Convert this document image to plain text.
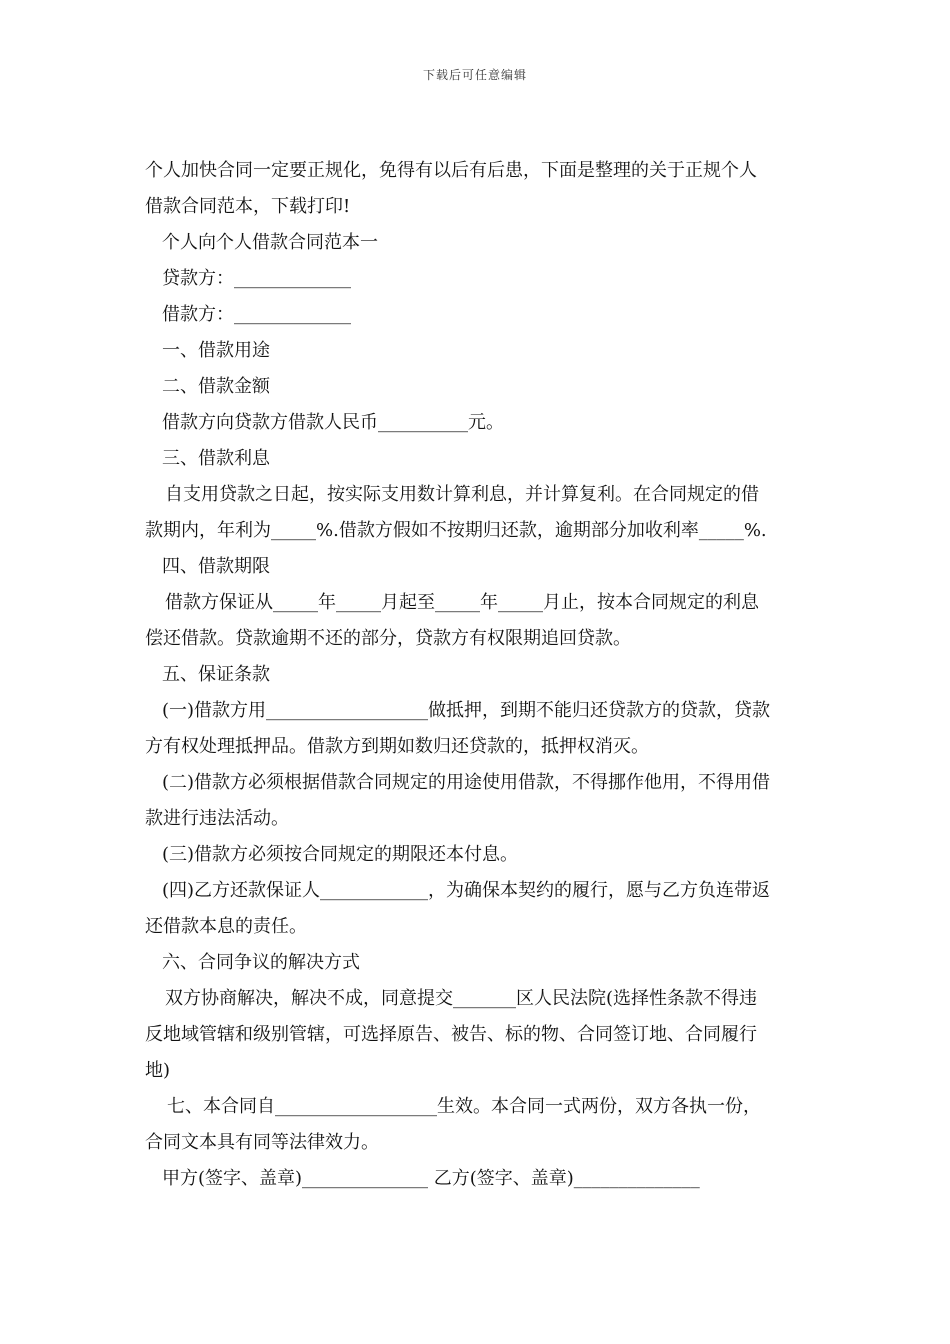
下载后可任意编辑
个人加快合同一定要正规化，免得有以后有后患，下面是整理的关于正规个人
借款合同范本，下载打印!
个人向个人借款合同范本一
贷款方：_____________
借款方：_____________
一、借款用途
二、借款金额
借款方向贷款方借款人民币__________元。
三、借款利息
自支用贷款之日起，按实际支用数计算利息，并计算复利。在合同规定的借
款期内，年利为_____%.借款方假如不按期归还款，逾期部分加收利率_____%.
四、借款期限
借款方保证从_____年_____月起至_____年_____月止，按本合同规定的利息
偿还借款。贷款逾期不还的部分，贷款方有权限期追回贷款。
五、保证条款
(一)借款方用__________________做抵押，到期不能归还贷款方的贷款，贷款
方有权处理抵押品。借款方到期如数归还贷款的，抵押权消灭。
(二)借款方必须根据借款合同规定的用途使用借款，不得挪作他用，不得用借
款进行违法活动。
(三)借款方必须按合同规定的期限还本付息。
(四)乙方还款保证人____________，为确保本契约的履行，愿与乙方负连带返
还借款本息的责任。
六、合同争议的解决方式
双方协商解决，解决不成，同意提交_______区人民法院(选择性条款不得违
反地域管辖和级别管辖，可选择原告、被告、标的物、合同签订地、合同履行
地)
七、本合同自__________________生效。本合同一式两份，双方各执一份，
合同文本具有同等法律效力。
甲方(签字、盖章)______________ 乙方(签字、盖章)______________
